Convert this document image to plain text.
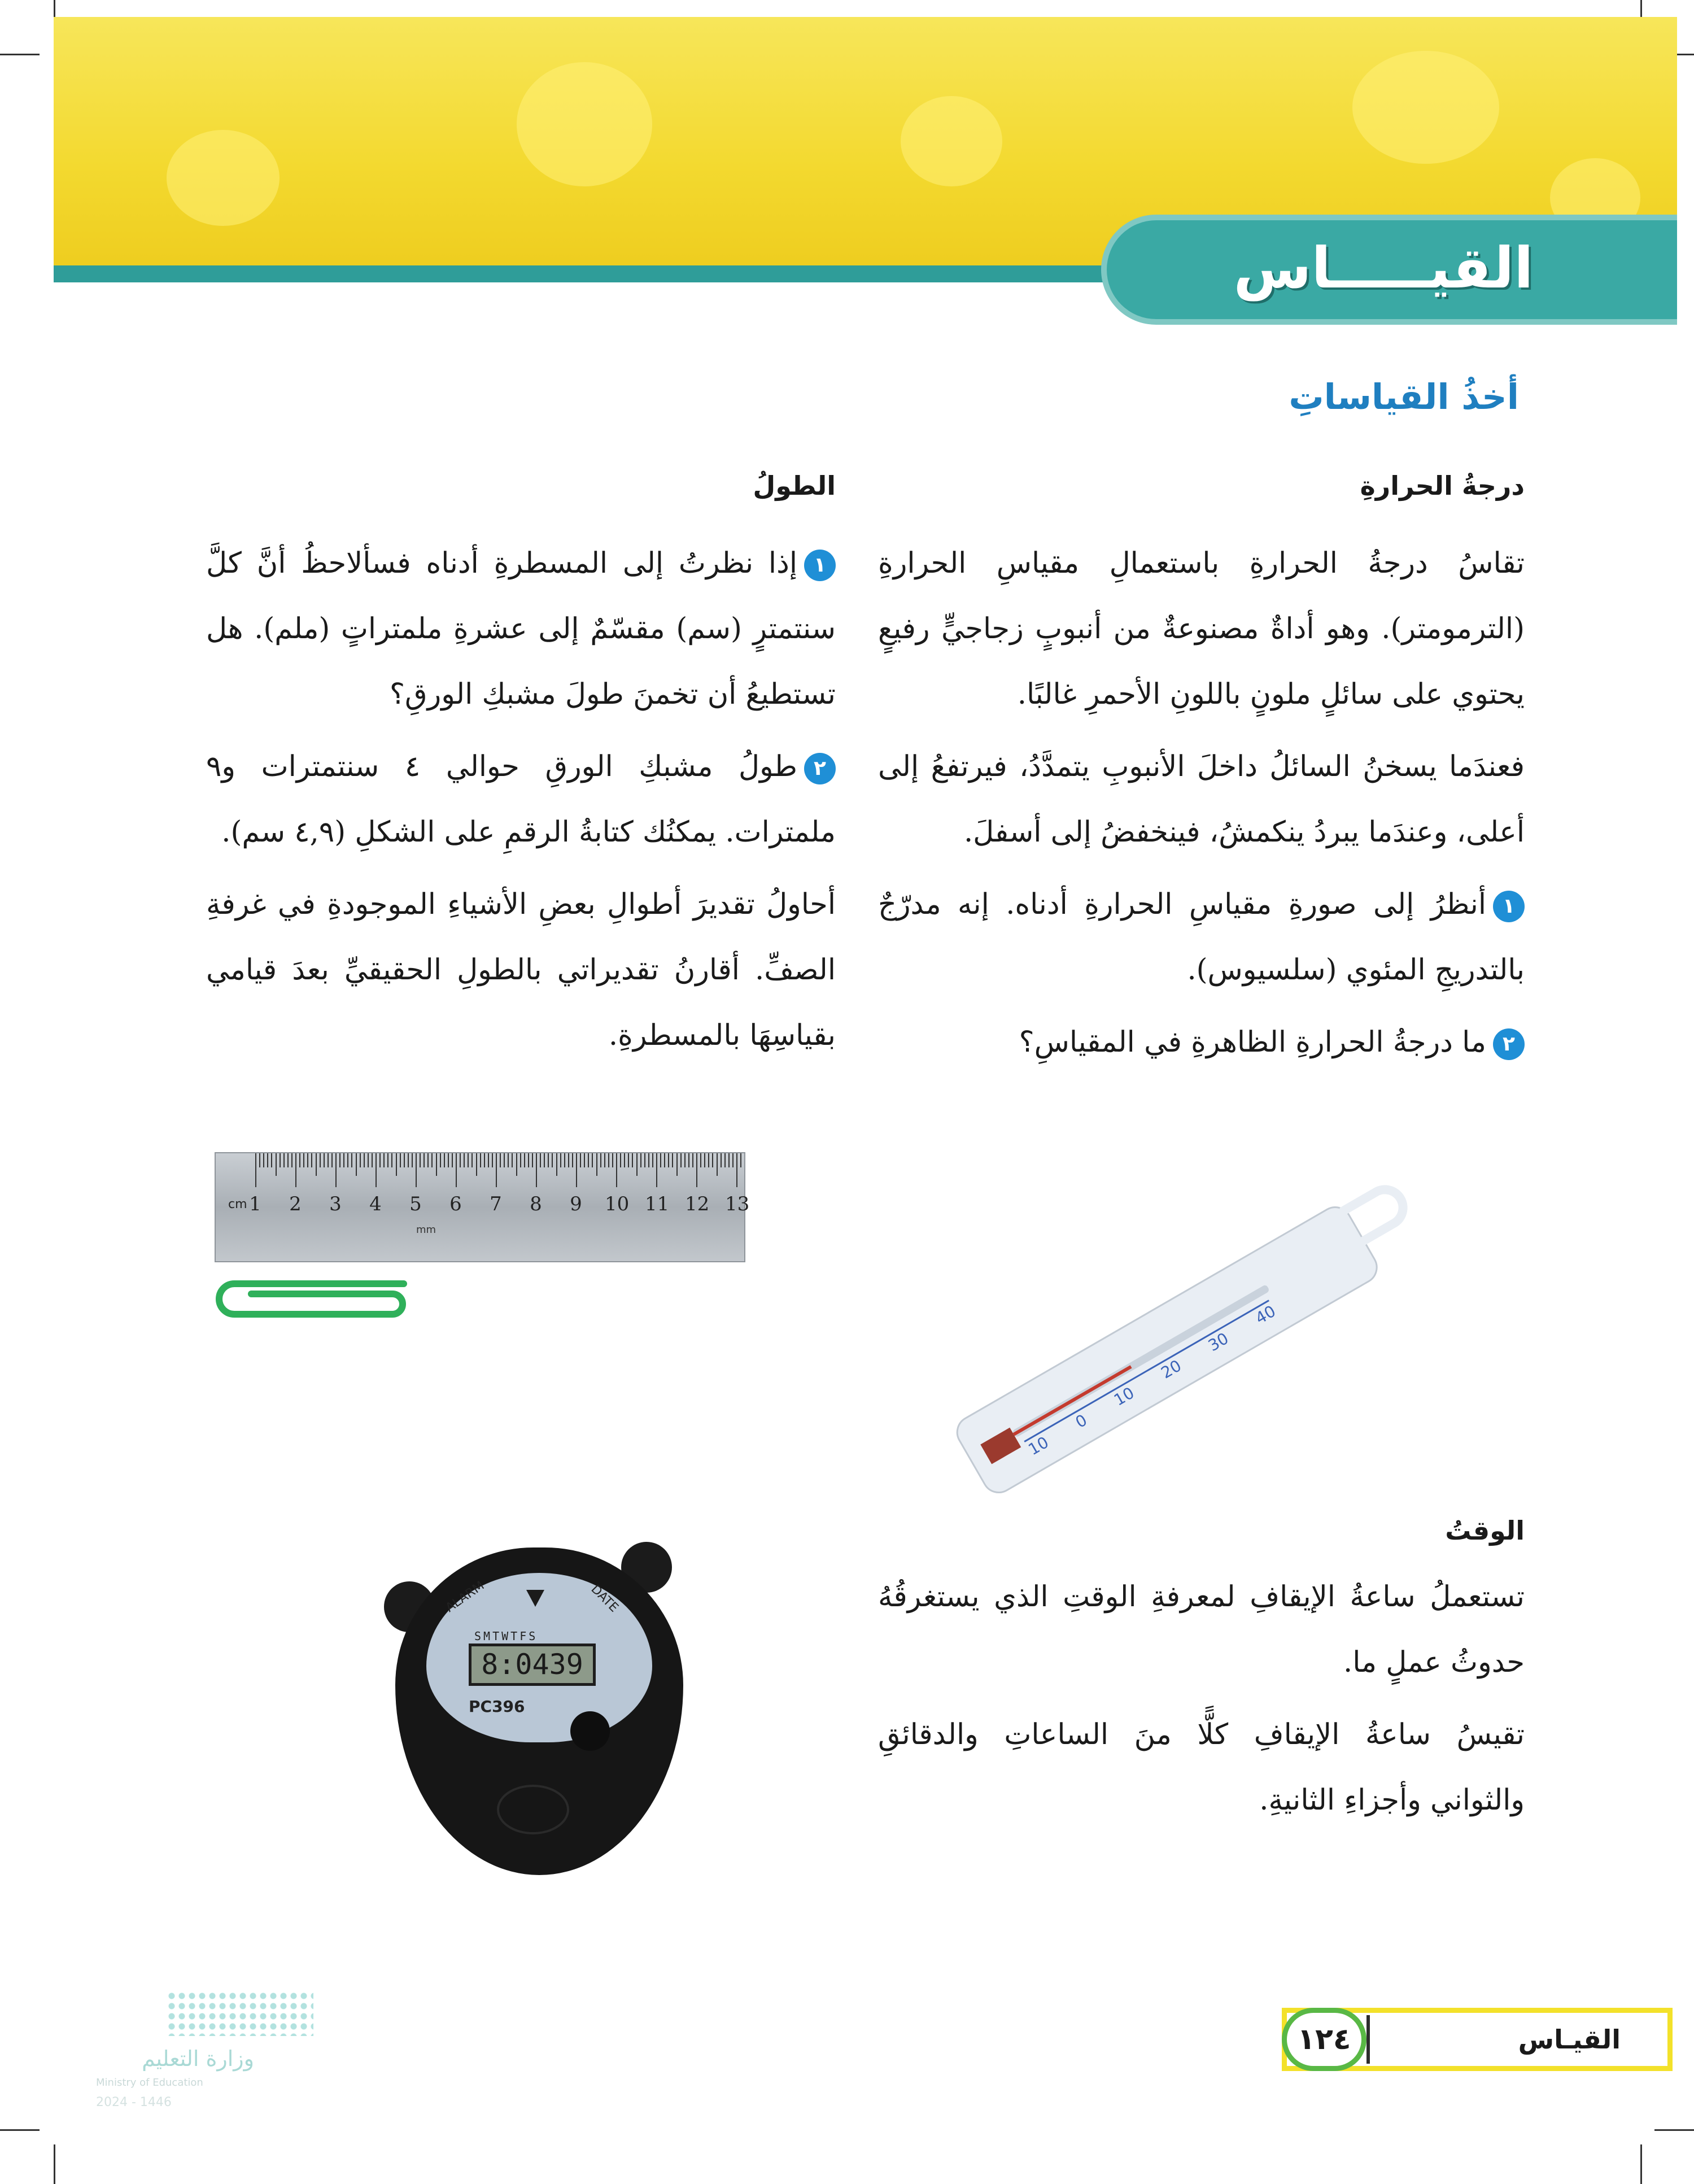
القيـــــاس
أخذُ القياساتِ
درجةُ الحرارةِ

تقاسُ درجةُ الحرارةِ باستعمالِ مقياسِ الحرارةِ (الترمومتر). وهو أداةٌ مصنوعةٌ من أنبوبٍ زجاجيٍّ رفيعٍ يحتوي على سائلٍ ملونٍ باللونِ الأحمرِ غالبًا.

فعندَما يسخنُ السائلُ داخلَ الأنبوبِ يتمدَّدُ، فيرتفعُ إلى أعلى، وعندَما يبردُ ينكمشُ، فينخفضُ إلى أسفلَ.

١أنظرُ إلى صورةِ مقياسِ الحرارةِ أدناه. إنه مدرّجٌ بالتدريجِ المئوي (سلسيوس).

٢ما درجةُ الحرارةِ الظاهرةِ في المقياسِ؟

الطولُ

١إذا نظرتُ إلى المسطرةِ أدناه فسألاحظُ أنَّ كلَّ سنتمترٍ (سم) مقسّمٌ إلى عشرةِ ملمتراتٍ (ملم). هل تستطيعُ أن تخمنَ طولَ مشبكِ الورقِ؟

٢طولُ مشبكِ الورقِ حوالي ٤ سنتمترات و٩ ملمترات. يمكنُك كتابةُ الرقمِ على الشكلِ (٤,٩ سم).

أحاولُ تقديرَ أطوالِ بعضِ الأشياءِ الموجودةِ في غرفةِ الصفِّ. أقارنُ تقديراتي بالطولِ الحقيقيِّ بعدَ قيامي بقياسِهَا بالمسطرةِ.

cm
mm
1 2 3 4 5 6 7 8 9 10 11 12 13
10
0
10
20
30
40
الوقتُ

تستعملُ ساعةُ الإيقافِ لمعرفةِ الوقتِ الذي يستغرقُهُ حدوثُ عملٍ ما.

تقيسُ ساعةُ الإيقافِ كلًّا منَ الساعاتِ والدقائقِ والثواني وأجزاءِ الثانيةِ.

ALARM	DATE
SMTWTFS
8:0439
PC396
وزارة التعليم
Ministry of Education
2024 - 1446
القيـاس
١٢٤
